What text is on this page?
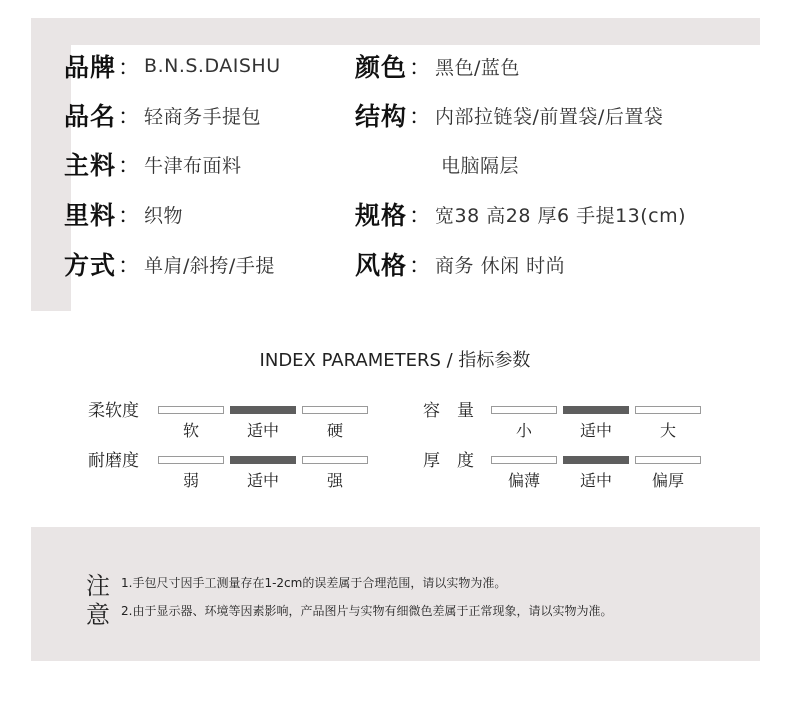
品牌 ： B.N.S.DAISHU	颜色 ： 黑色/蓝色
品名 ： 轻商务手提包	结构 ： 内部拉链袋/前置袋/后置袋
主料 ： 牛津布面料	电脑隔层
里料 ： 织物	规格 ： 宽38 高28 厚6 手提13(cm)
方式 ： 单肩/斜挎/手提	风格 ： 商务 休闲 时尚
INDEX PARAMETERS / 指标参数
柔软度
软	适中	硬
容　量
小	适中	大
耐磨度
弱	适中	强
厚　度
偏薄	适中	偏厚
注
意
1.手包尺寸因手工测量存在1-2cm的误差属于合理范围，请以实物为准。
2.由于显示器、环境等因素影响，产品图片与实物有细微色差属于正常现象，请以实物为准。
